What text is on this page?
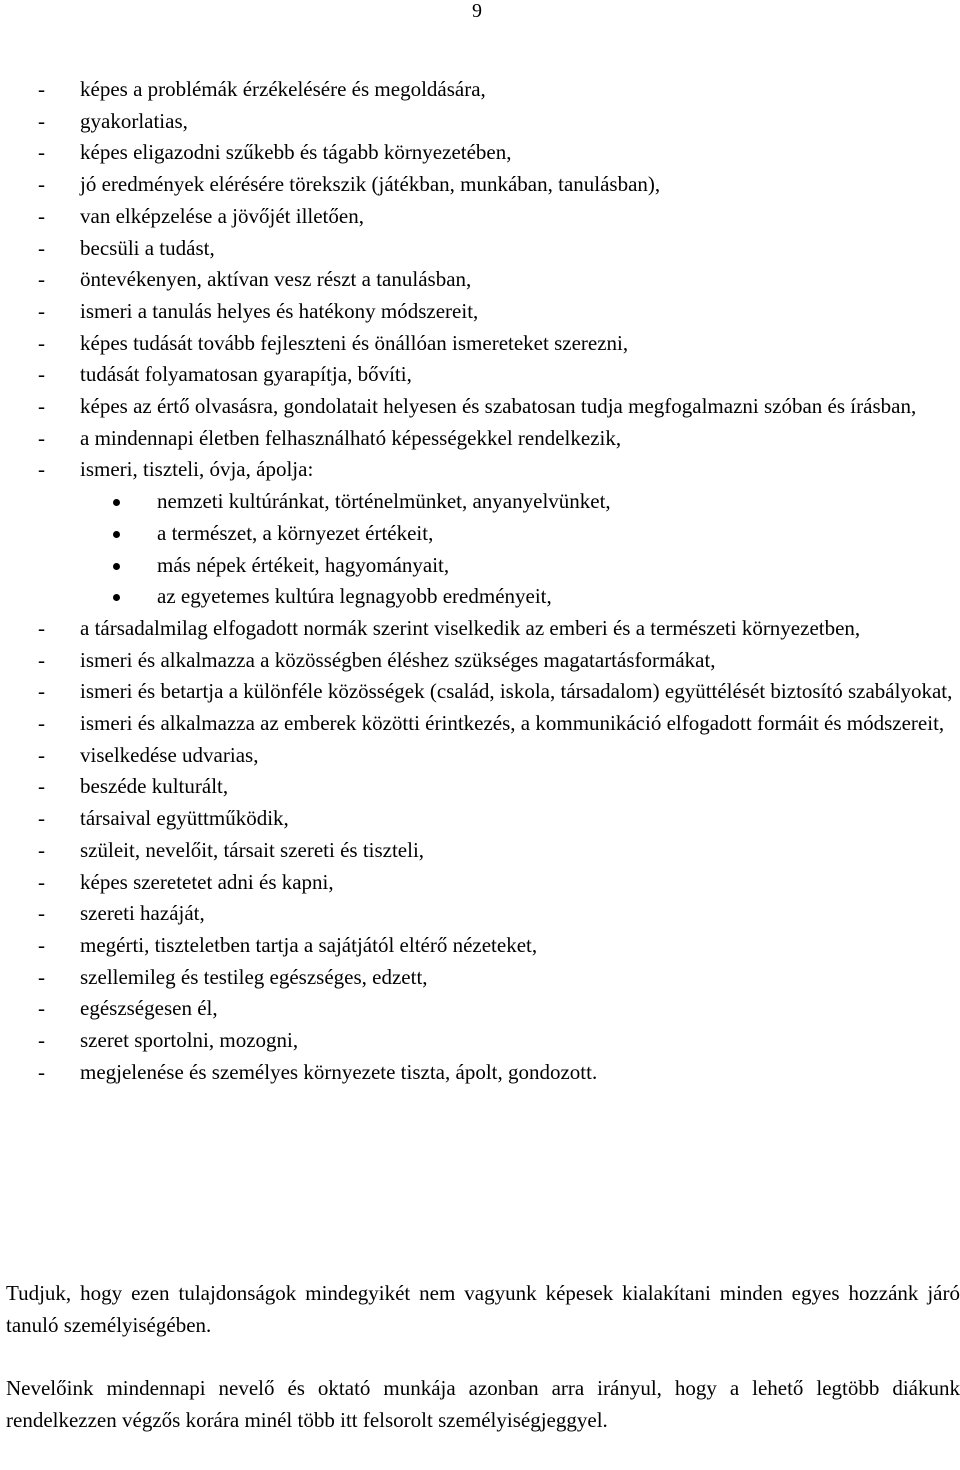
9
-	képes a problémák érzékelésére és megoldására,
-	gyakorlatias,
-	képes eligazodni szűkebb és tágabb környezetében,
-	jó eredmények elérésére törekszik (játékban, munkában, tanulásban),
-	van elképzelése a jövőjét illetően,
-	becsüli a tudást,
-	öntevékenyen, aktívan vesz részt a tanulásban,
-	ismeri a tanulás helyes és hatékony módszereit,
-	képes tudását tovább fejleszteni és önállóan ismereteket szerezni,
-	tudását folyamatosan gyarapítja, bővíti,
-	képes az értő olvasásra, gondolatait helyesen és szabatosan tudja megfogalmazni szóban és írásban,
-	a mindennapi életben felhasználható képességekkel rendelkezik,
-	ismeri, tiszteli, óvja, ápolja:
nemzeti kultúránkat, történelmünket, anyanyelvünket,
a természet, a környezet értékeit,
más népek értékeit, hagyományait,
az egyetemes kultúra legnagyobb eredményeit,
-	a társadalmilag elfogadott normák szerint viselkedik az emberi és a természeti környezetben,
-	ismeri és alkalmazza a közösségben éléshez szükséges magatartásformákat,
-	ismeri és betartja a különféle közösségek (család, iskola, társadalom) együttélését biztosító szabályokat,
-	ismeri és alkalmazza az emberek közötti érintkezés, a kommunikáció elfogadott formáit és módszereit,
-	viselkedése udvarias,
-	beszéde kulturált,
-	társaival együttműködik,
-	szüleit, nevelőit, társait szereti és tiszteli,
-	képes szeretetet adni és kapni,
-	szereti hazáját,
-	megérti, tiszteletben tartja a sajátjától eltérő nézeteket,
-	szellemileg és testileg egészséges, edzett,
-	egészségesen él,
-	szeret sportolni, mozogni,
-	megjelenése és személyes környezete tiszta, ápolt, gondozott.
Tudjuk, hogy ezen tulajdonságok mindegyikét nem vagyunk képesek kialakítani minden egyes hozzánk járó tanuló személyiségében.
Nevelőink mindennapi nevelő és oktató munkája azonban arra irányul, hogy a lehető legtöbb diákunk rendelkezzen végzős korára minél több itt felsorolt személyiségjeggyel.
